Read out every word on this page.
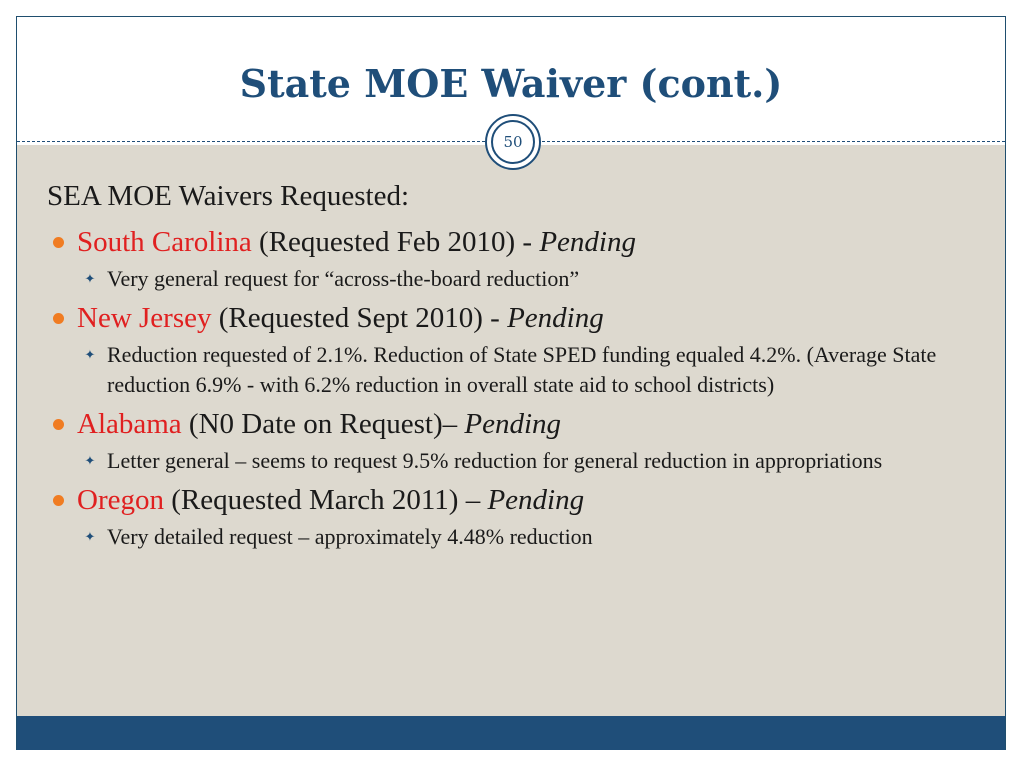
State MOE Waiver (cont.)
50
SEA MOE Waivers Requested:
South Carolina (Requested Feb 2010) - Pending
✦ Very general request for “across-the-board reduction”
New Jersey (Requested Sept 2010) - Pending
✦ Reduction requested of 2.1%. Reduction of State SPED funding equaled 4.2%. (Average State reduction 6.9% - with 6.2% reduction in overall state aid to school districts)
Alabama (N0 Date on Request)– Pending
✦ Letter general – seems to request 9.5% reduction for general reduction in appropriations
Oregon (Requested March 2011) – Pending
✦ Very detailed request – approximately 4.48% reduction
